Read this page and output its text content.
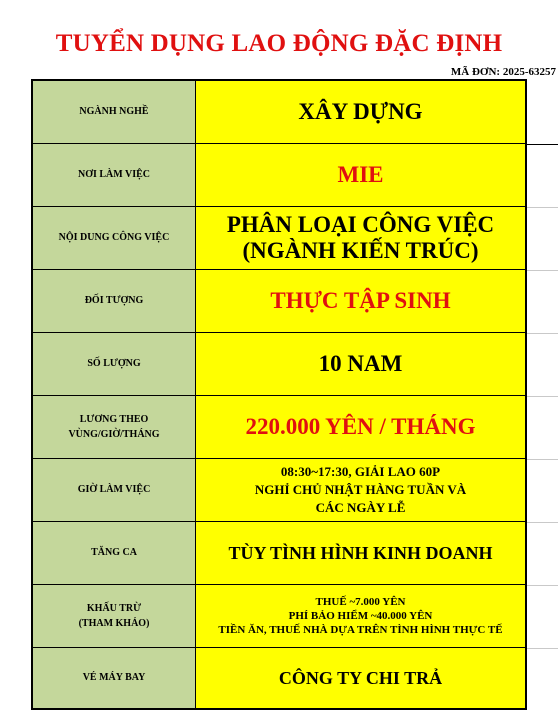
TUYỂN DỤNG LAO ĐỘNG ĐẶC ĐỊNH
MÃ ĐƠN: 2025-63257
NGÀNH NGHỀ	XÂY DỰNG

NƠI LÀM VIỆC	MIE

NỘI DUNG CÔNG VIỆC	PHÂN LOẠI CÔNG VIỆC
(NGÀNH KIẾN TRÚC)

ĐỐI TƯỢNG	THỰC TẬP SINH

SỐ LƯỢNG	10 NAM

LƯƠNG THEO
VÙNG/GIỜ/THÁNG	220.000 YÊN / THÁNG

GIỜ LÀM VIỆC	08:30~17:30, GIẢI LAO 60P
NGHỈ CHỦ NHẬT HÀNG TUẦN VÀ
CÁC NGÀY LỄ

TĂNG CA	TÙY TÌNH HÌNH KINH DOANH

KHẤU TRỪ
(THAM KHẢO)	THUẾ ~7.000 YÊN
PHÍ BẢO HIỂM ~40.000 YÊN
TIỀN ĂN, THUẾ NHÀ DỰA TRÊN TÌNH HÌNH THỰC TẾ

VÉ MÁY BAY	CÔNG TY CHI TRẢ
